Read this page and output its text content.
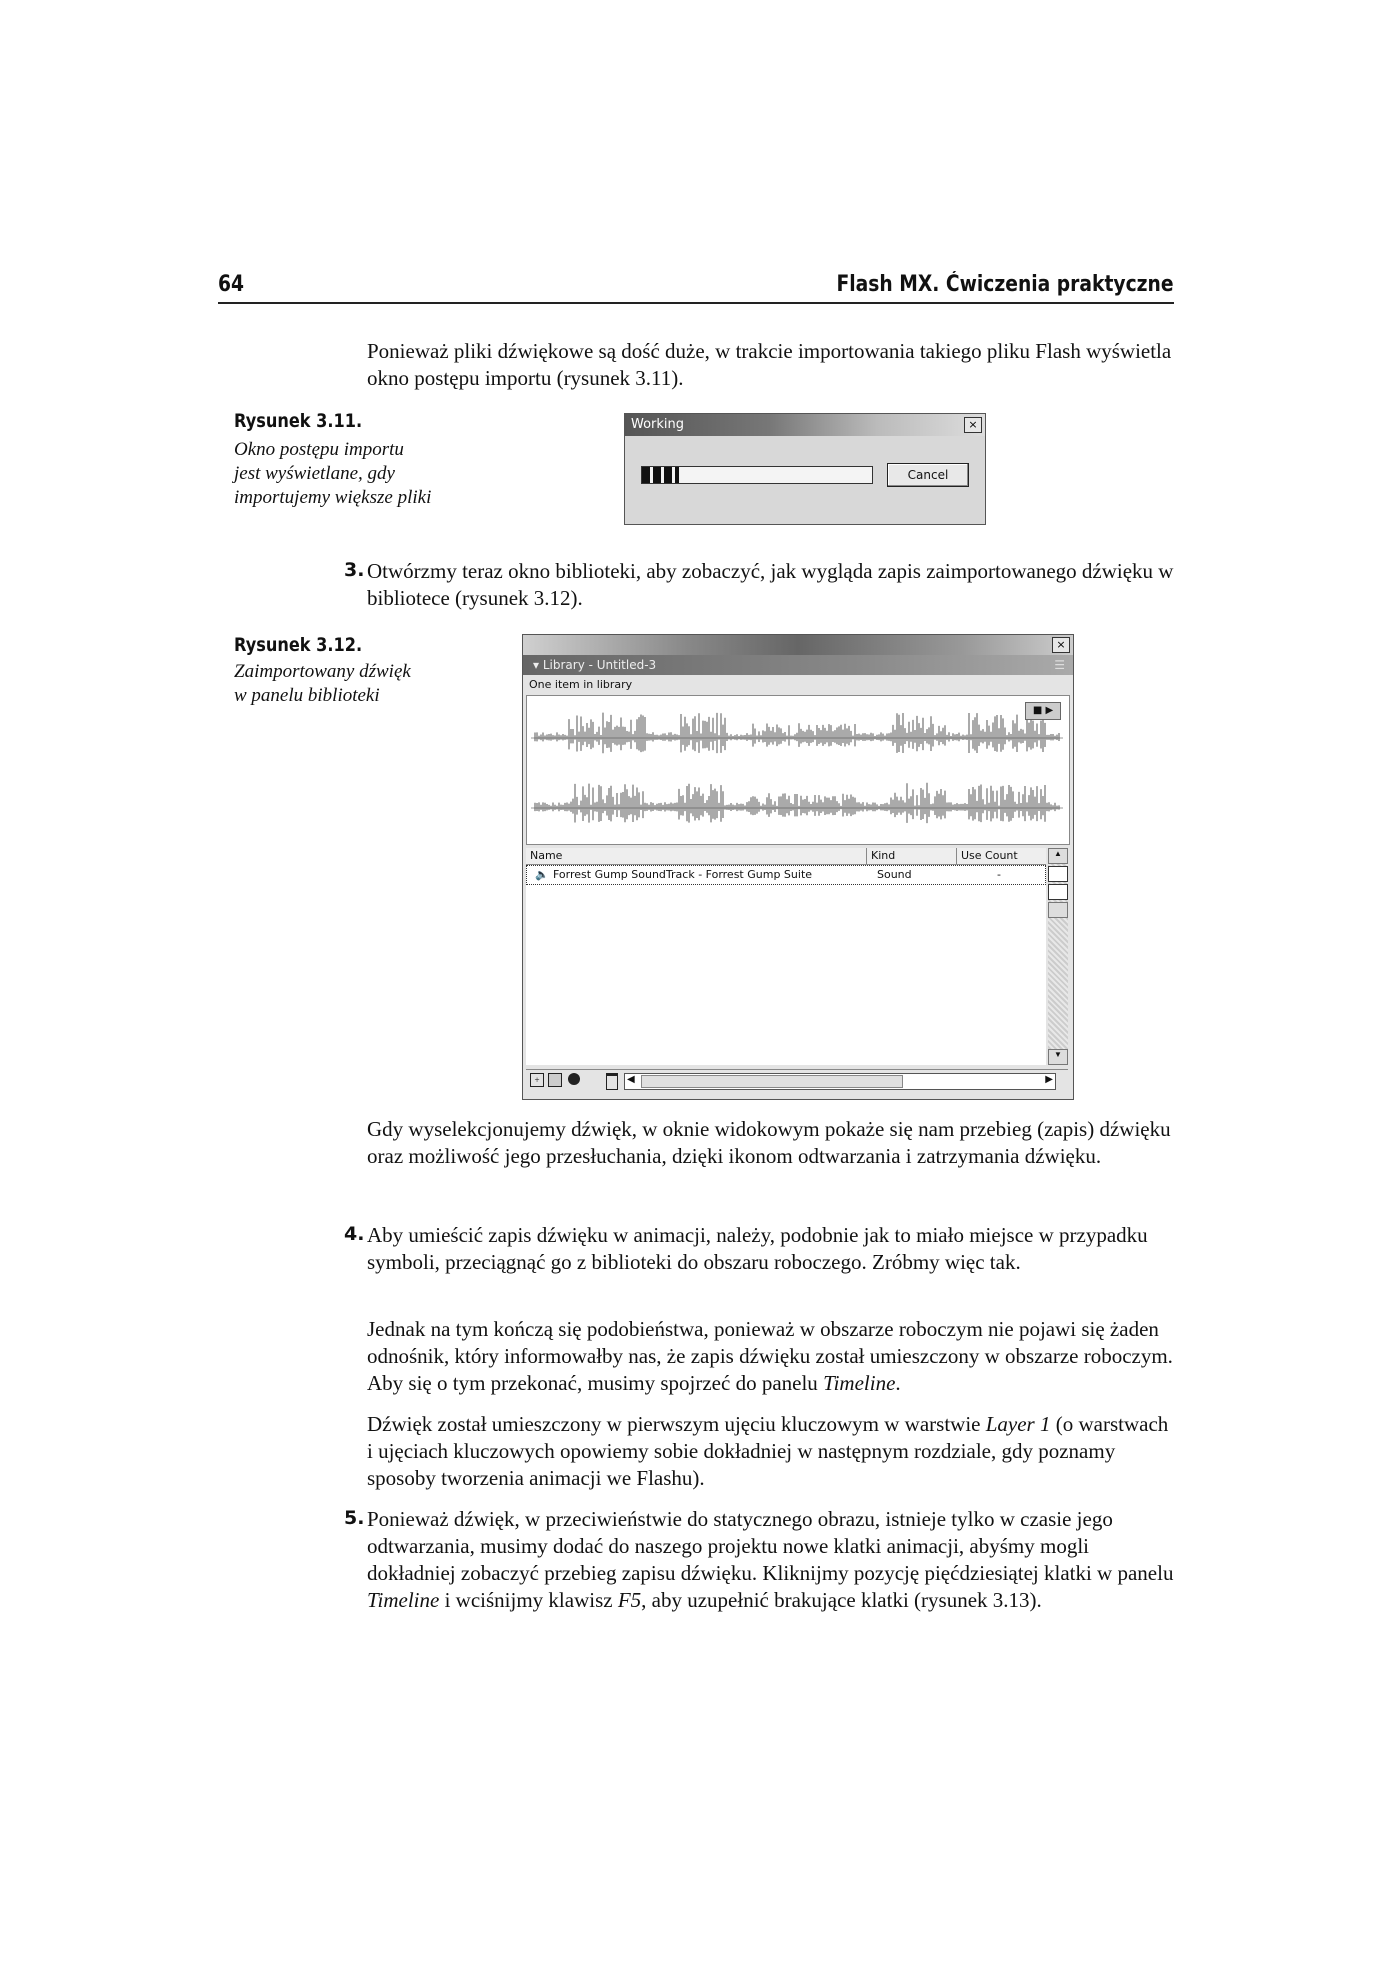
64	Flash MX. Ćwiczenia praktyczne
Ponieważ pliki dźwiękowe są dość duże, w trakcie importowania takiego pliku Flash wyświetla okno postępu importu (rysunek 3.11).
Rysunek 3.11.
Okno postępu importu jest wyświetlane, gdy importujemy większe pliki
Working	×
Cancel
3. Otwórzmy teraz okno biblioteki, aby zobaczyć, jak wygląda zapis zaimportowanego dźwięku w bibliotece (rysunek 3.12).
Rysunek 3.12.
Zaimportowany dźwięk w panelu biblioteki
×
▾ Library - Untitled-3	☰
One item in library
■ ▶
Name	Kind	Use Count
🔈 Forrest Gump SoundTrack - Forrest Gump Suite	Sound	-
▲
▼
+	◀	▶
Gdy wyselekcjonujemy dźwięk, w oknie widokowym pokaże się nam przebieg (zapis) dźwięku oraz możliwość jego przesłuchania, dzięki ikonom odtwarzania i zatrzymania dźwięku.
4. Aby umieścić zapis dźwięku w animacji, należy, podobnie jak to miało miejsce w przypadku symboli, przeciągnąć go z biblioteki do obszaru roboczego. Zróbmy więc tak.
Jednak na tym kończą się podobieństwa, ponieważ w obszarze roboczym nie pojawi się żaden odnośnik, który informowałby nas, że zapis dźwięku został umieszczony w obszarze roboczym. Aby się o tym przekonać, musimy spojrzeć do panelu Timeline.
Dźwięk został umieszczony w pierwszym ujęciu kluczowym w warstwie Layer 1 (o warstwach i ujęciach kluczowych opowiemy sobie dokładniej w następnym rozdziale, gdy poznamy sposoby tworzenia animacji we Flashu).
5. Ponieważ dźwięk, w przeciwieństwie do statycznego obrazu, istnieje tylko w czasie jego odtwarzania, musimy dodać do naszego projektu nowe klatki animacji, abyśmy mogli dokładniej zobaczyć przebieg zapisu dźwięku. Kliknijmy pozycję pięćdziesiątej klatki w panelu Timeline i wciśnijmy klawisz F5, aby uzupełnić brakujące klatki (rysunek 3.13).
